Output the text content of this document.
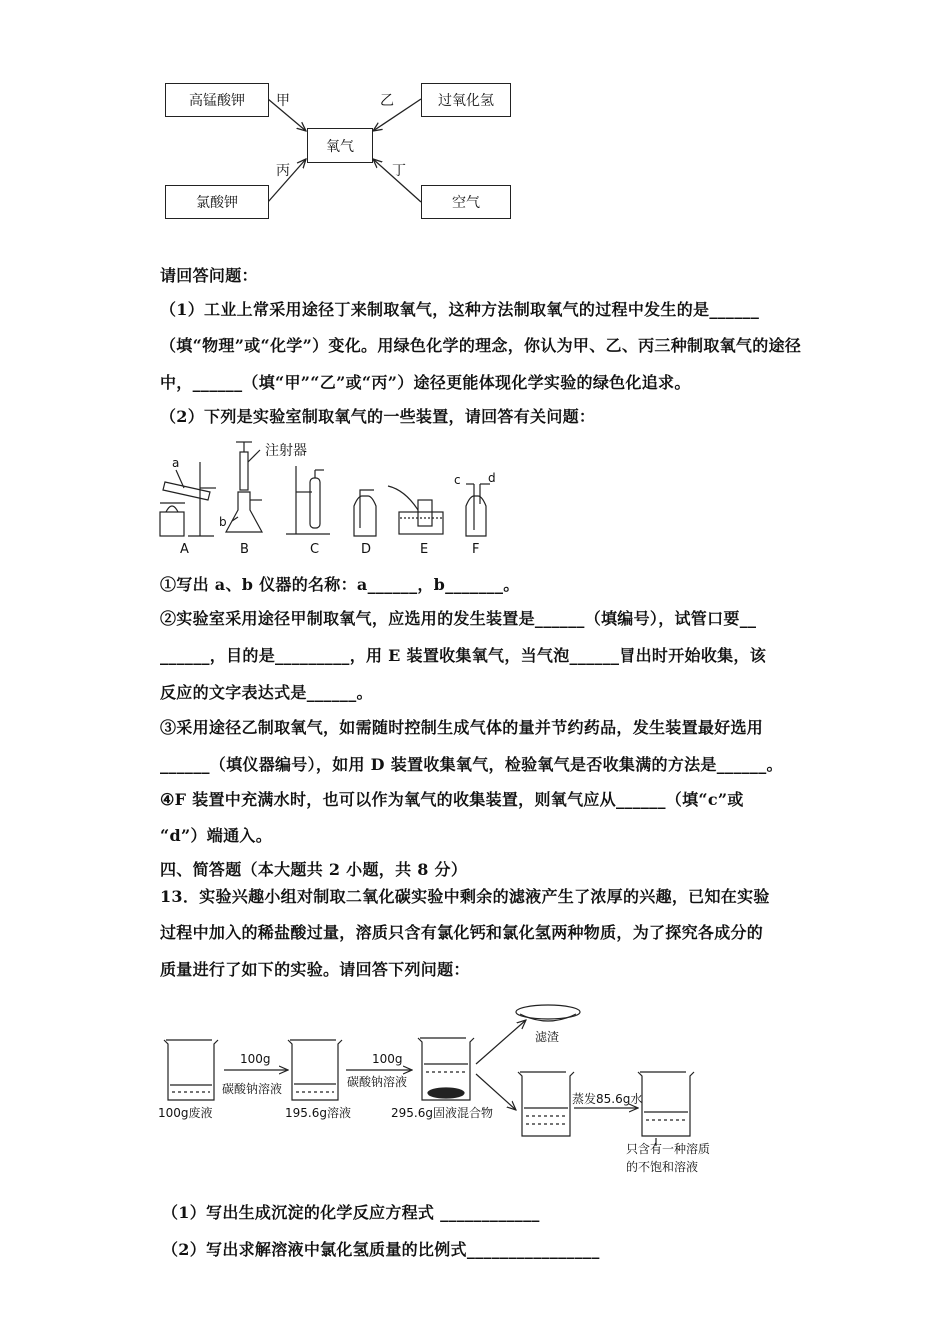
高锰酸钾	过氧化氢
氧气
氯酸钾	空气
甲	乙
丙	丁
请回答问题：
（1）工业上常采用途径丁来制取氧气，这种方法制取氧气的过程中发生的是______
（填“物理”或“化学”）变化。用绿色化学的理念，你认为甲、乙、丙三种制取氧气的途径
中，______（填“甲”“乙”或“丙”）途径更能体现化学实验的绿色化追求。
（2）下列是实验室制取氧气的一些装置，请回答有关问题：
注射器
a
b
c d
A	B	C	D	E	F
①写出 a、b 仪器的名称：a______，b_______。
②实验室采用途径甲制取氧气，应选用的发生装置是______（填编号），试管口要__
______，目的是_________，用 E 装置收集氧气，当气泡______冒出时开始收集，该
反应的文字表达式是______。
③采用途径乙制取氧气，如需随时控制生成气体的量并节约药品，发生装置最好选用
______（填仪器编号），如用 D 装置收集氧气，检验氧气是否收集满的方法是______。
④F 装置中充满水时，也可以作为氧气的收集装置，则氧气应从______（填“c”或
“d”）端通入。
四、简答题（本大题共 2 小题，共 8 分）
13．实验兴趣小组对制取二氧化碳实验中剩余的滤液产生了浓厚的兴趣，已知在实验
过程中加入的稀盐酸过量，溶质只含有氯化钙和氯化氢两种物质，为了探究各成分的
质量进行了如下的实验。请回答下列问题：
100g
碳酸钠溶液
100g
碳酸钠溶液
100g废液	195.6g溶液	295.6g固液混合物
滤渣
蒸发85.6g水
只含有一种溶质
的不饱和溶液
（1）写出生成沉淀的化学反应方程式 ____________
（2）写出求解溶液中氯化氢质量的比例式________________
